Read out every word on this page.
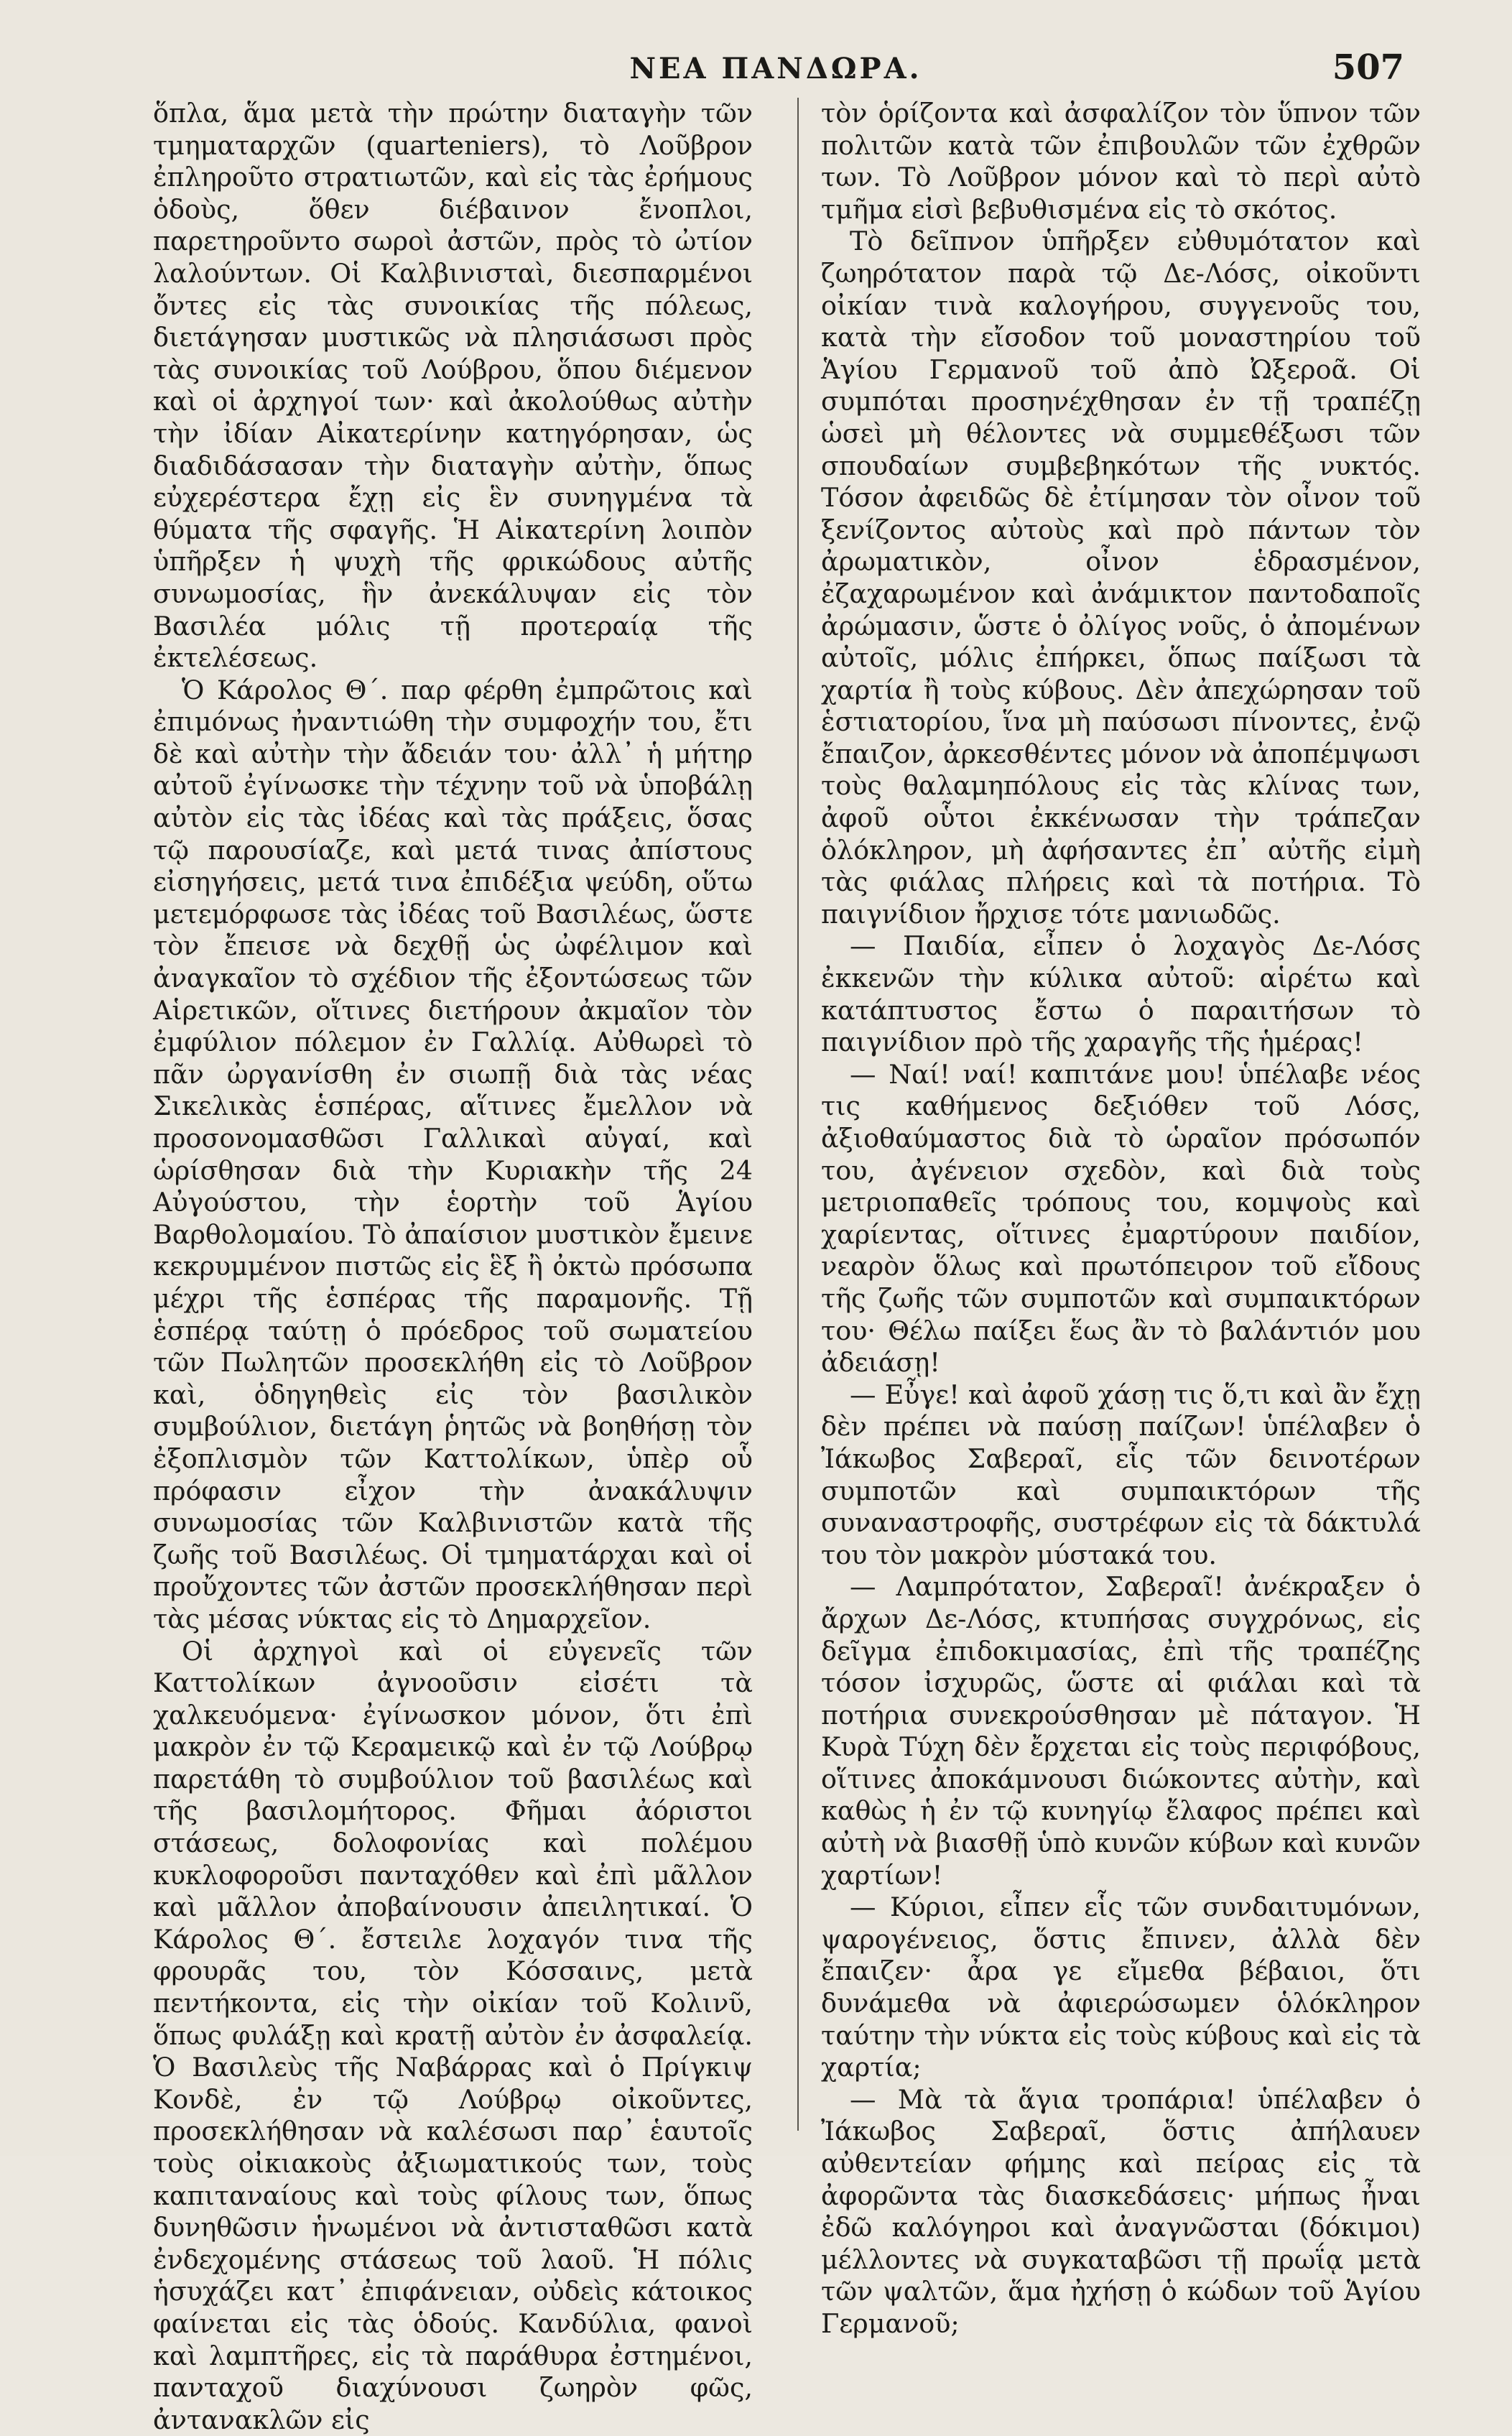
ΝΕΑ ΠΑΝΔΩΡΑ.	507

ὅπλα, ἅμα μετὰ τὴν πρώτην διαταγὴν τῶν τμηματαρχῶν (quarteniers), τὸ Λοῦβρον ἐπληροῦτο στρατιωτῶν, καὶ εἰς τὰς ἐρήμους ὁδοὺς, ὅθεν διέβαινον ἔνοπλοι, παρετηροῦντο σωροὶ ἀστῶν, πρὸς τὸ ὠτίον λαλούντων. Οἱ Καλβινισταὶ, διεσπαρμένοι ὄντες εἰς τὰς συνοικίας τῆς πόλεως, διετάγησαν μυστικῶς νὰ πλησιάσωσι πρὸς τὰς συνοικίας τοῦ Λούβρου, ὅπου διέμενον καὶ οἱ ἀρχηγοί των· καὶ ἀκολούθως αὐτὴν τὴν ἰδίαν Αἰκατερίνην κατηγόρησαν, ὡς διαδιδάσασαν τὴν διαταγὴν αὐτὴν, ὅπως εὐχερέστερα ἔχῃ εἰς ἓν συνηγμένα τὰ θύματα τῆς σφαγῆς. Ἡ Αἰκατερίνη λοιπὸν ὑπῆρξεν ἡ ψυχὴ τῆς φρικώδους αὐτῆς συνωμοσίας, ἣν ἀνεκάλυψαν εἰς τὸν Βασιλέα μόλις τῇ προτεραίᾳ τῆς ἐκτελέσεως.

Ὁ Κάρολος Θ΄. παρ φέρθη ἐμπρῶτοις καὶ ἐπιμόνως ἠναντιώθη τὴν συμφοχήν του, ἔτι δὲ καὶ αὐτὴν τὴν ἄδειάν του· ἀλλ᾽ ἡ μήτηρ αὐτοῦ ἐγίνωσκε τὴν τέχνην τοῦ νὰ ὑποβάλῃ αὐτὸν εἰς τὰς ἰδέας καὶ τὰς πράξεις, ὅσας τῷ παρουσίαζε, καὶ μετά τινας ἀπίστους εἰσηγήσεις, μετά τινα ἐπιδέξια ψεύδη, οὕτω μετεμόρφωσε τὰς ἰδέας τοῦ Βασιλέως, ὥστε τὸν ἔπεισε νὰ δεχθῇ ὡς ὠφέλιμον καὶ ἀναγκαῖον τὸ σχέδιον τῆς ἐξοντώσεως τῶν Αἱρετικῶν, οἵτινες διετήρουν ἀκμαῖον τὸν ἐμφύλιον πόλεμον ἐν Γαλλίᾳ. Αὐθωρεὶ τὸ πᾶν ὠργανίσθη ἐν σιωπῇ διὰ τὰς νέας Σικελικὰς ἑσπέρας, αἵτινες ἔμελλον νὰ προσονομασθῶσι Γαλλικαὶ αὐγαί, καὶ ὡρίσθησαν διὰ τὴν Κυριακὴν τῆς 24 Αὐγούστου, τὴν ἑορτὴν τοῦ Ἁγίου Βαρθολομαίου. Τὸ ἀπαίσιον μυστικὸν ἔμεινε κεκρυμμένον πιστῶς εἰς ἓξ ἢ ὀκτὼ πρόσωπα μέχρι τῆς ἑσπέρας τῆς παραμονῆς. Τῇ ἑσπέρᾳ ταύτῃ ὁ πρόεδρος τοῦ σωματείου τῶν Πωλητῶν προσεκλήθη εἰς τὸ Λοῦβρον καὶ, ὁδηγηθεὶς εἰς τὸν βασιλικὸν συμβούλιον, διετάγη ῥητῶς νὰ βοηθήσῃ τὸν ἐξοπλισμὸν τῶν Καττολίκων, ὑπὲρ οὗ πρόφασιν εἶχον τὴν ἀνακάλυψιν συνωμοσίας τῶν Καλβινιστῶν κατὰ τῆς ζωῆς τοῦ Βασιλέως. Οἱ τμηματάρχαι καὶ οἱ προὔχοντες τῶν ἀστῶν προσεκλήθησαν περὶ τὰς μέσας νύκτας εἰς τὸ Δημαρχεῖον.

Οἱ ἀρχηγοὶ καὶ οἱ εὐγενεῖς τῶν Καττολίκων ἀγνοοῦσιν εἰσέτι τὰ χαλκευόμενα· ἐγίνωσκον μόνον, ὅτι ἐπὶ μακρὸν ἐν τῷ Κεραμεικῷ καὶ ἐν τῷ Λούβρῳ παρετάθη τὸ συμβούλιον τοῦ βασιλέως καὶ τῆς βασιλομήτορος. Φῆμαι ἀόριστοι στάσεως, δολοφονίας καὶ πολέμου κυκλοφοροῦσι πανταχόθεν καὶ ἐπὶ μᾶλλον καὶ μᾶλλον ἀποβαίνουσιν ἀπειλητικαί. Ὁ Κάρολος Θ΄. ἔστειλε λοχαγόν τινα τῆς φρουρᾶς του, τὸν Κόσσαινς, μετὰ πεντήκοντα, εἰς τὴν οἰκίαν τοῦ Κολινῦ, ὅπως φυλάξῃ καὶ κρατῇ αὐτὸν ἐν ἀσφαλείᾳ. Ὁ Βασιλεὺς τῆς Ναβάρρας καὶ ὁ Πρίγκιψ Κονδὲ, ἐν τῷ Λούβρῳ οἰκοῦντες, προσεκλήθησαν νὰ καλέσωσι παρ᾽ ἑαυτοῖς τοὺς οἰκιακοὺς ἀξιωματικούς των, τοὺς καπιταναίους καὶ τοὺς φίλους των, ὅπως δυνηθῶσιν ἡνωμένοι νὰ ἀντισταθῶσι κατὰ ἐνδεχομένης στάσεως τοῦ λαοῦ. Ἡ πόλις ἡσυχάζει κατ᾽ ἐπιφάνειαν, οὐδεὶς κάτοικος φαίνεται εἰς τὰς ὁδούς. Κανδύλια, φανοὶ καὶ λαμπτῆρες, εἰς τὰ παράθυρα ἐστημένοι, πανταχοῦ διαχύνουσι ζωηρὸν φῶς, ἀντανακλῶν εἰς

τὸν ὁρίζοντα καὶ ἀσφαλίζον τὸν ὕπνον τῶν πολιτῶν κατὰ τῶν ἐπιβουλῶν τῶν ἐχθρῶν των. Τὸ Λοῦβρον μόνον καὶ τὸ περὶ αὐτὸ τμῆμα εἰσὶ βεβυθισμένα εἰς τὸ σκότος.

Τὸ δεῖπνον ὑπῆρξεν εὐθυμότατον καὶ ζωηρότατον παρὰ τῷ Δε-Λόσς, οἰκοῦντι οἰκίαν τινὰ καλογήρου, συγγενοῦς του, κατὰ τὴν εἴσοδον τοῦ μοναστηρίου τοῦ Ἁγίου Γερμανοῦ τοῦ ἀπὸ Ὠξεροᾶ. Οἱ συμπόται προσηνέχθησαν ἐν τῇ τραπέζῃ ὡσεὶ μὴ θέλοντες νὰ συμμεθέξωσι τῶν σπουδαίων συμβεβηκότων τῆς νυκτός. Τόσον ἀφειδῶς δὲ ἐτίμησαν τὸν οἶνον τοῦ ξενίζοντος αὐτοὺς καὶ πρὸ πάντων τὸν ἀρωματικὸν, οἶνον ἑδρασμένον, ἐζαχαρωμένον καὶ ἀνάμικτον παντοδαποῖς ἀρώμασιν, ὥστε ὁ ὀλίγος νοῦς, ὁ ἀπομένων αὐτοῖς, μόλις ἐπήρκει, ὅπως παίξωσι τὰ χαρτία ἢ τοὺς κύβους. Δὲν ἀπεχώρησαν τοῦ ἑστιατορίου, ἵνα μὴ παύσωσι πίνοντες, ἐνῷ ἔπαιζον, ἀρκεσθέντες μόνον νὰ ἀποπέμψωσι τοὺς θαλαμηπόλους εἰς τὰς κλίνας των, ἀφοῦ οὗτοι ἐκκένωσαν τὴν τράπεζαν ὁλόκληρον, μὴ ἀφήσαντες ἐπ᾽ αὐτῆς εἰμὴ τὰς φιάλας πλήρεις καὶ τὰ ποτήρια. Τὸ παιγνίδιον ἤρχισε τότε μανιωδῶς.

— Παιδία, εἶπεν ὁ λοχαγὸς Δε-Λόσς ἐκκενῶν τὴν κύλικα αὐτοῦ: αἱρέτω καὶ κατάπτυστος ἔστω ὁ παραιτήσων τὸ παιγνίδιον πρὸ τῆς χαραγῆς τῆς ἡμέρας!

— Ναί! ναί! καπιτάνε μου! ὑπέλαβε νέος τις καθήμενος δεξιόθεν τοῦ Λόσς, ἀξιοθαύμαστος διὰ τὸ ὡραῖον πρόσωπόν του, ἀγένειον σχεδὸν, καὶ διὰ τοὺς μετριοπαθεῖς τρόπους του, κομψοὺς καὶ χαρίεντας, οἵτινες ἐμαρτύρουν παιδίον, νεαρὸν ὅλως καὶ πρωτόπειρον τοῦ εἴδους τῆς ζωῆς τῶν συμποτῶν καὶ συμπαικτόρων του· Θέλω παίξει ἕως ἂν τὸ βαλάντιόν μου ἀδειάσῃ!

— Εὖγε! καὶ ἀφοῦ χάσῃ τις ὅ,τι καὶ ἂν ἔχῃ δὲν πρέπει νὰ παύσῃ παίζων! ὑπέλαβεν ὁ Ἰάκωβος Σαβεραῖ, εἷς τῶν δεινοτέρων συμποτῶν καὶ συμπαικτόρων τῆς συναναστροφῆς, συστρέφων εἰς τὰ δάκτυλά του τὸν μακρὸν μύστακά του.

— Λαμπρότατον, Σαβεραῖ! ἀνέκραξεν ὁ ἄρχων Δε-Λόσς, κτυπήσας συγχρόνως, εἰς δεῖγμα ἐπιδοκιμασίας, ἐπὶ τῆς τραπέζης τόσον ἰσχυρῶς, ὥστε αἱ φιάλαι καὶ τὰ ποτήρια συνεκρούσθησαν μὲ πάταγον. Ἡ Κυρὰ Τύχη δὲν ἔρχεται εἰς τοὺς περιφόβους, οἵτινες ἀποκάμνουσι διώκοντες αὐτὴν, καὶ καθὼς ἡ ἐν τῷ κυνηγίῳ ἔλαφος πρέπει καὶ αὐτὴ νὰ βιασθῇ ὑπὸ κυνῶν κύβων καὶ κυνῶν χαρτίων!

— Κύριοι, εἶπεν εἷς τῶν συνδαιτυμόνων, ψαρογένειος, ὅστις ἔπινεν, ἀλλὰ δὲν ἔπαιζεν· ἆρα γε εἴμεθα βέβαιοι, ὅτι δυνάμεθα νὰ ἀφιερώσωμεν ὁλόκληρον ταύτην τὴν νύκτα εἰς τοὺς κύβους καὶ εἰς τὰ χαρτία;

— Μὰ τὰ ἅγια τροπάρια! ὑπέλαβεν ὁ Ἰάκωβος Σαβεραῖ, ὅστις ἀπήλαυεν αὐθεντείαν φήμης καὶ πείρας εἰς τὰ ἀφορῶντα τὰς διασκεδάσεις· μήπως ἦναι ἐδῶ καλόγηροι καὶ ἀναγνῶσται (δόκιμοι) μέλλοντες νὰ συγκαταβῶσι τῇ πρωΐᾳ μετὰ τῶν ψαλτῶν, ἅμα ἠχήσῃ ὁ κώδων τοῦ Ἁγίου Γερμανοῦ;
